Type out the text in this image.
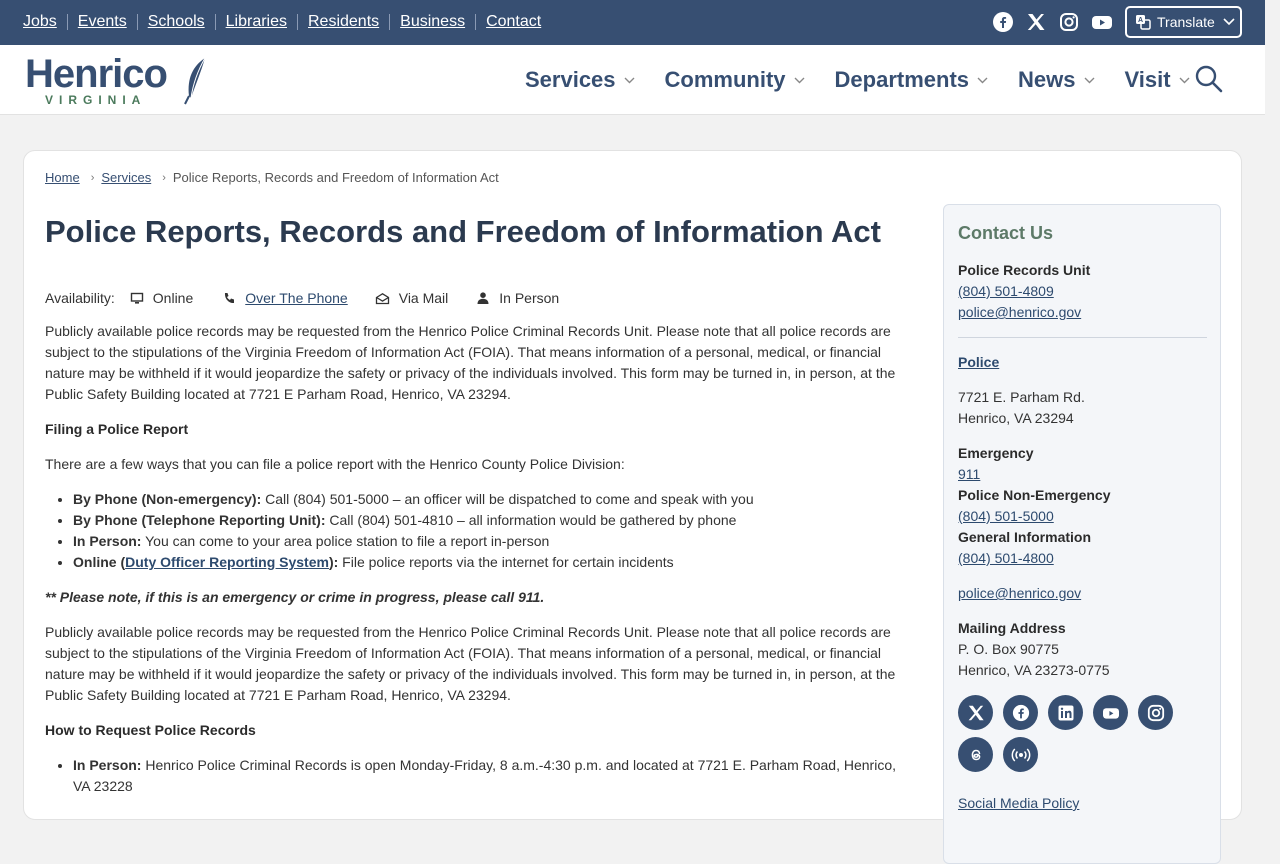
Jobs Events Schools Libraries Residents Business Contact	A Translate
Henrico
VIRGINIA
Services Community Departments News Visit
Home › Services › Police Reports, Records and Freedom of Information Act
Police Reports, Records and Freedom of Information Act
Availability:	Online	Over The Phone	Via Mail	In Person

Publicly available police records may be requested from the Henrico Police Criminal Records Unit. Please note that all police records are subject to the stipulations of the Virginia Freedom of Information Act (FOIA). That means information of a personal, medical, or financial nature may be withheld if it would jeopardize the safety or privacy of the individuals involved. This form may be turned in, in person, at the Public Safety Building located at 7721 E Parham Road, Henrico, VA 23294.

Filing a Police Report

There are a few ways that you can file a police report with the Henrico County Police Division:

• By Phone (Non-emergency): Call (804) 501-5000 – an officer will be dispatched to come and speak with you
• By Phone (Telephone Reporting Unit): Call (804) 501-4810 – all information would be gathered by phone
• In Person: You can come to your area police station to file a report in-person
• Online (Duty Officer Reporting System): File police reports via the internet for certain incidents

** Please note, if this is an emergency or crime in progress, please call 911.

Publicly available police records may be requested from the Henrico Police Criminal Records Unit. Please note that all police records are subject to the stipulations of the Virginia Freedom of Information Act (FOIA). That means information of a personal, medical, or financial nature may be withheld if it would jeopardize the safety or privacy of the individuals involved. This form may be turned in, in person, at the Public Safety Building located at 7721 E Parham Road, Henrico, VA 23294.

How to Request Police Records
• In Person: Henrico Police Criminal Records is open Monday-Friday, 8 a.m.-4:30 p.m. and located at 7721 E. Parham Road, Henrico, VA 23228
Contact Us
Police Records Unit
(804) 501-4809
police@henrico.gov
Police
7721 E. Parham Rd.
Henrico, VA 23294
Emergency
911
Police Non-Emergency
(804) 501-5000
General Information
(804) 501-4800
police@henrico.gov
Mailing Address
P. O. Box 90775
Henrico, VA 23273-0775
Social Media Policy
